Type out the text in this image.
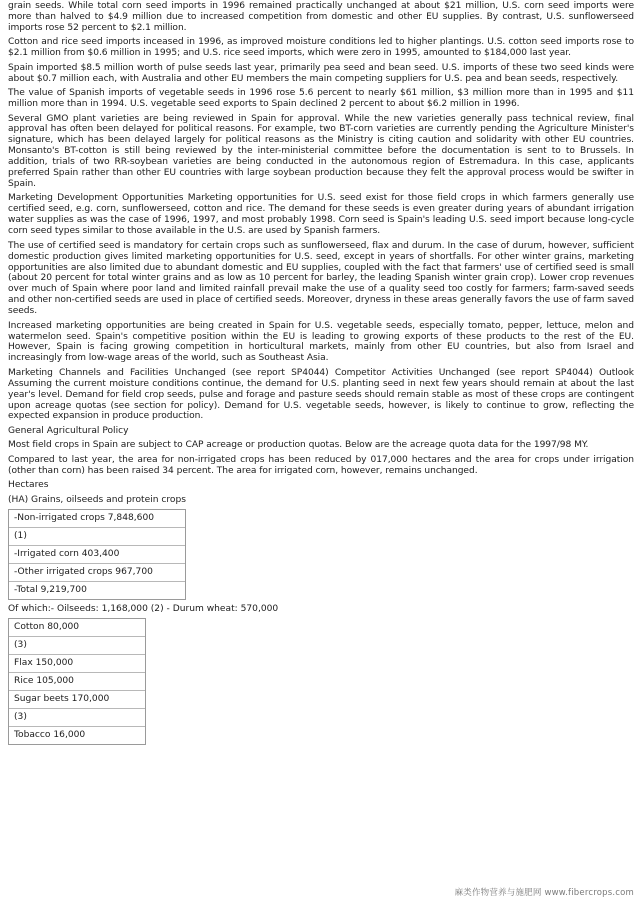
grain seeds. While total corn seed imports in 1996 remained practically unchanged at about $21 million, U.S. corn seed imports were more than halved to $4.9 million due to increased competition from domestic and other EU supplies. By contrast, U.S. sunflowerseed imports rose 52 percent to $2.1 million.

Cotton and rice seed imports inceased in 1996, as improved moisture conditions led to higher plantings. U.S. cotton seed imports rose to $2.1 million from $0.6 million in 1995; and U.S. rice seed imports, which were zero in 1995, amounted to $184,000 last year.

Spain imported $8.5 million worth of pulse seeds last year, primarily pea seed and bean seed. U.S. imports of these two seed kinds were about $0.7 million each, with Australia and other EU members the main competing suppliers for U.S. pea and bean seeds, respectively.

The value of Spanish imports of vegetable seeds in 1996 rose 5.6 percent to nearly $61 million, $3 million more than in 1995 and $11 million more than in 1994. U.S. vegetable seed exports to Spain declined 2 percent to about $6.2 million in 1996.

Several GMO plant varieties are being reviewed in Spain for approval. While the new varieties generally pass technical review, final approval has often been delayed for political reasons. For example, two BT-corn varieties are currently pending the Agriculture Minister's signature, which has been delayed largely for political reasons as the Ministry is citing caution and solidarity with other EU countries. Monsanto's BT-cotton is still being reviewed by the inter-ministerial committee before the documentation is sent to to Brussels. In addition, trials of two RR-soybean varieties are being conducted in the autonomous region of Estremadura. In this case, applicants preferred Spain rather than other EU countries with large soybean production because they felt the approval process would be swifter in Spain.

Marketing Development Opportunities Marketing opportunities for U.S. seed exist for those field crops in which farmers generally use certified seed, e.g. corn, sunflowerseed, cotton and rice. The demand for these seeds is even greater during years of abundant irrigation water supplies as was the case of 1996, 1997, and most probably 1998. Corn seed is Spain's leading U.S. seed import because long-cycle corn seed types similar to those available in the U.S. are used by Spanish farmers.

The use of certified seed is mandatory for certain crops such as sunflowerseed, flax and durum. In the case of durum, however, sufficient domestic production gives limited marketing opportunities for U.S. seed, except in years of shortfalls. For other winter grains, marketing opportunities are also limited due to abundant domestic and EU supplies, coupled with the fact that farmers' use of certified seed is small (about 20 percent for total winter grains and as low as 10 percent for barley, the leading Spanish winter grain crop). Lower crop revenues over much of Spain where poor land and limited rainfall prevail make the use of a quality seed too costly for farmers; farm-saved seeds and other non-certified seeds are used in place of certified seeds. Moreover, dryness in these areas generally favors the use of farm saved seeds.

Increased marketing opportunities are being created in Spain for U.S. vegetable seeds, especially tomato, pepper, lettuce, melon and watermelon seed. Spain's competitive position within the EU is leading to growing exports of these products to the rest of the EU. However, Spain is facing growing competition in horticultural markets, mainly from other EU countries, but also from Israel and increasingly from low-wage areas of the world, such as Southeast Asia.

Marketing Channels and Facilities Unchanged (see report SP4044) Competitor Activities Unchanged (see report SP4044) Outlook Assuming the current moisture conditions continue, the demand for U.S. planting seed in next few years should remain at about the last year's level. Demand for field crop seeds, pulse and forage and pasture seeds should remain stable as most of these crops are contingent upon acreage quotas (see section for policy). Demand for U.S. vegetable seeds, however, is likely to continue to grow, reflecting the expected expansion in produce production.

General Agricultural Policy

Most field crops in Spain are subject to CAP acreage or production quotas. Below are the acreage quota data for the 1997/98 MY.

Compared to last year, the area for non-irrigated crops has been reduced by 017,000 hectares and the area for crops under irrigation (other than corn) has been raised 34 percent. The area for irrigated corn, however, remains unchanged.

Hectares
(HA) Grains, oilseeds and protein crops
-Non-irrigated crops 7,848,600
(1)
-Irrigated corn 403,400
-Other irrigated crops 967,700
-Total 9,219,700
Of which:- Oilseeds: 1,168,000 (2) - Durum wheat: 570,000
Cotton 80,000
(3)
Flax 150,000
Rice 105,000
Sugar beets 170,000
(3)
Tobacco 16,000
麻类作物营养与施肥网 www.fibercrops.com
